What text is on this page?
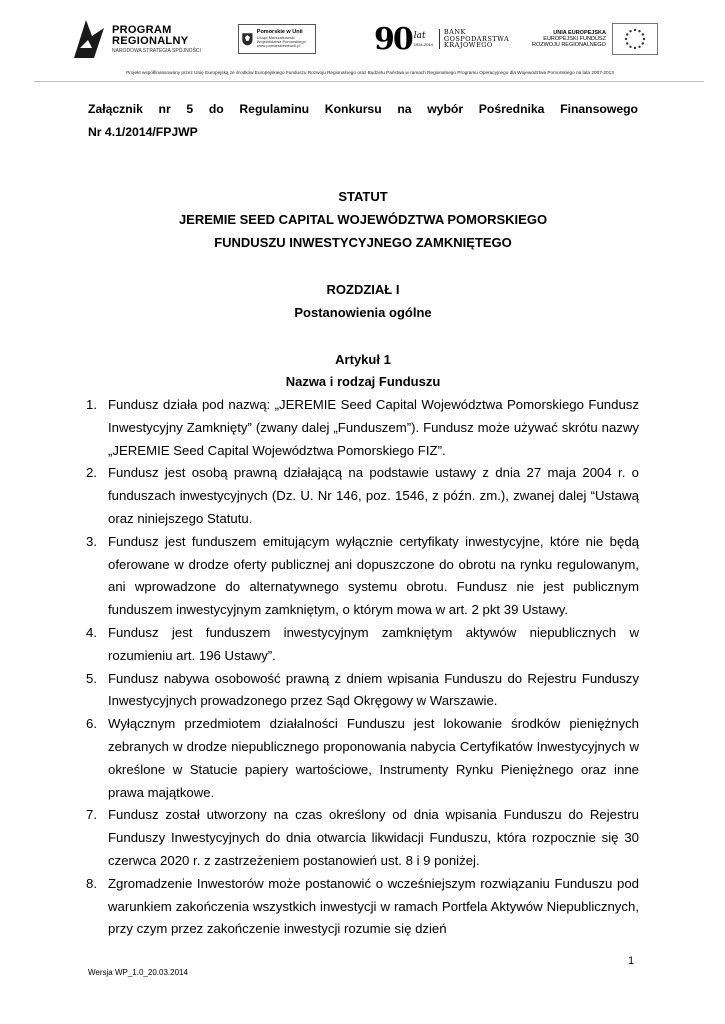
PROGRAM
REGIONALNY
NARODOWA STRATEGIA SPÓJNOŚCI
Pomorskie w Unii
Urząd Marszałkowski Województwa Pomorskiego
www.pomorskieweunii.pl	90 lat
1924-2014
BANK
GOSPODARSTWA
KRAJOWEGO
UNIA EUROPEJSKA
EUROPEJSKI FUNDUSZ
ROZWOJU REGIONALNEGO
Projekt współfinansowany przez Unię Europejską ze środków Europejskiego Funduszu Rozwoju Regionalnego oraz Budżetu Państwa w ramach Regionalnego Programu Operacyjnego dla Województwa Pomorskiego na lata 2007-2013
Załącznik nr 5 do Regulaminu Konkursu na wybór Pośrednika Finansowego
Nr 4.1/2014/FPJWP
STATUT
JEREMIE SEED CAPITAL WOJEWÓDZTWA POMORSKIEGO
FUNDUSZU INWESTYCYJNEGO ZAMKNIĘTEGO
ROZDZIAŁ I
Postanowienia ogólne
Artykuł 1
Nazwa i rodzaj Funduszu
1. Fundusz działa pod nazwą: „JEREMIE Seed Capital Województwa Pomorskiego Fundusz Inwestycyjny Zamknięty” (zwany dalej „Funduszem”). Fundusz może używać skrótu nazwy „JEREMIE Seed Capital Województwa Pomorskiego FIZ”.
2. Fundusz jest osobą prawną działającą na podstawie ustawy z dnia 27 maja 2004 r. o funduszach inwestycyjnych (Dz. U. Nr 146, poz. 1546, z późn. zm.), zwanej dalej “Ustawą oraz niniejszego Statutu.
3. Fundusz jest funduszem emitującym wyłącznie certyfikaty inwestycyjne, które nie będą oferowane w drodze oferty publicznej ani dopuszczone do obrotu na rynku regulowanym, ani wprowadzone do alternatywnego systemu obrotu. Fundusz nie jest publicznym funduszem inwestycyjnym zamkniętym, o którym mowa w art. 2 pkt 39 Ustawy.
4. Fundusz jest funduszem inwestycyjnym zamkniętym aktywów niepublicznych w rozumieniu art. 196 Ustawy”.
5. Fundusz nabywa osobowość prawną z dniem wpisania Funduszu do Rejestru Funduszy Inwestycyjnych prowadzonego przez Sąd Okręgowy w Warszawie.
6. Wyłącznym przedmiotem działalności Funduszu jest lokowanie środków pieniężnych zebranych w drodze niepublicznego proponowania nabycia Certyfikatów Inwestycyjnych w określone w Statucie papiery wartościowe, Instrumenty Rynku Pieniężnego oraz inne prawa majątkowe.
7. Fundusz został utworzony na czas określony od dnia wpisania Funduszu do Rejestru Funduszy Inwestycyjnych do dnia otwarcia likwidacji Funduszu, która rozpocznie się 30 czerwca 2020 r. z zastrzeżeniem postanowień ust. 8 i 9 poniżej.
8. Zgromadzenie Inwestorów może postanowić o wcześniejszym rozwiązaniu Funduszu pod warunkiem zakończenia wszystkich inwestycji w ramach Portfela Aktywów Niepublicznych, przy czym przez zakończenie inwestycji rozumie się dzień
1
Wersja WP_1.0_20.03.2014
